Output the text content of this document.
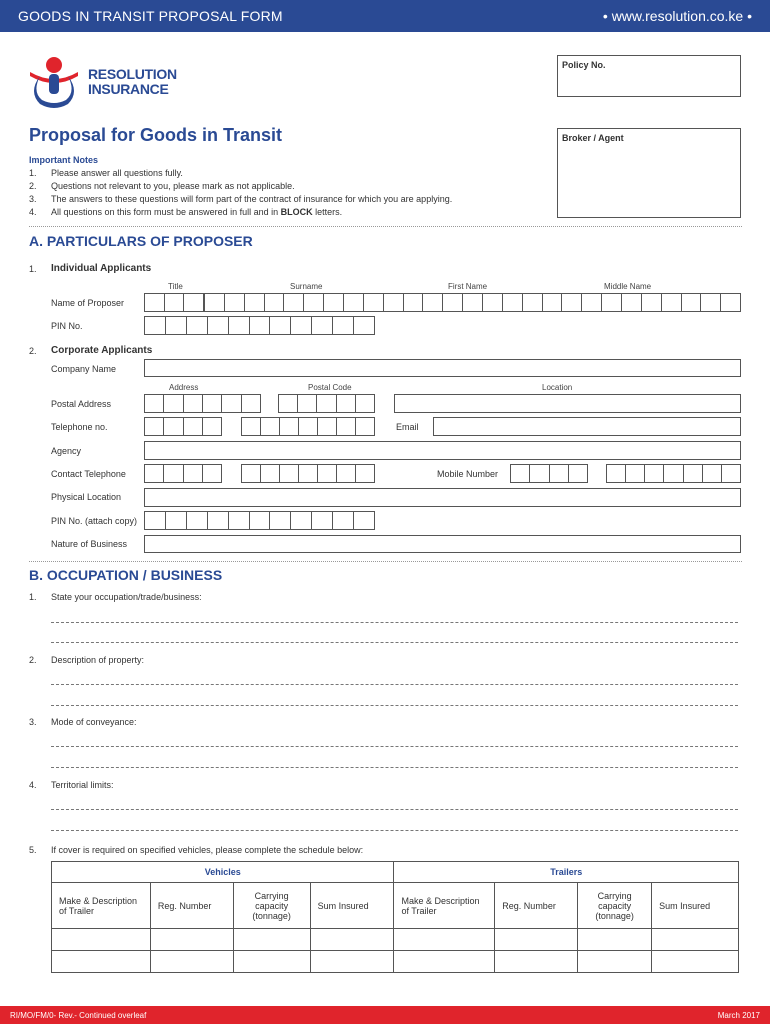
GOODS IN TRANSIT PROPOSAL FORM	• www.resolution.co.ke •
RESOLUTION
INSURANCE
Policy No.
Proposal for Goods in Transit	Broker / Agent
Important Notes
1. Please answer all questions fully.
2. Questions not relevant to you, please mark as not applicable.
3. The answers to these questions will form part of the contract of insurance for which you are applying.
4. All questions on this form must be answered in full and in BLOCK letters.
A. PARTICULARS OF PROPOSER
1. Individual Applicants
Title	Surname	First Name	Middle Name
Name of Proposer
PIN No.
2. Corporate Applicants
Company Name
Address	Postal Code	Location
Postal Address
Telephone no.	Email
Agency
Contact Telephone	Mobile Number
Physical Location
PIN No. (attach copy)
Nature of Business
B. OCCUPATION / BUSINESS
1. State your occupation/trade/business:
2. Description of property:
3. Mode of conveyance:
4. Territorial limits:
5. If cover is required on specified vehicles, please complete the schedule below:
Vehicles				Trailers			
Make & Description of Trailer	Reg. Number	Carrying capacity (tonnage)	Sum Insured	Make & Description of Trailer	Reg. Number	Carrying capacity (tonnage)	Sum Insured

RI/MO/FM/0- Rev.- Continued overleaf	March 2017
